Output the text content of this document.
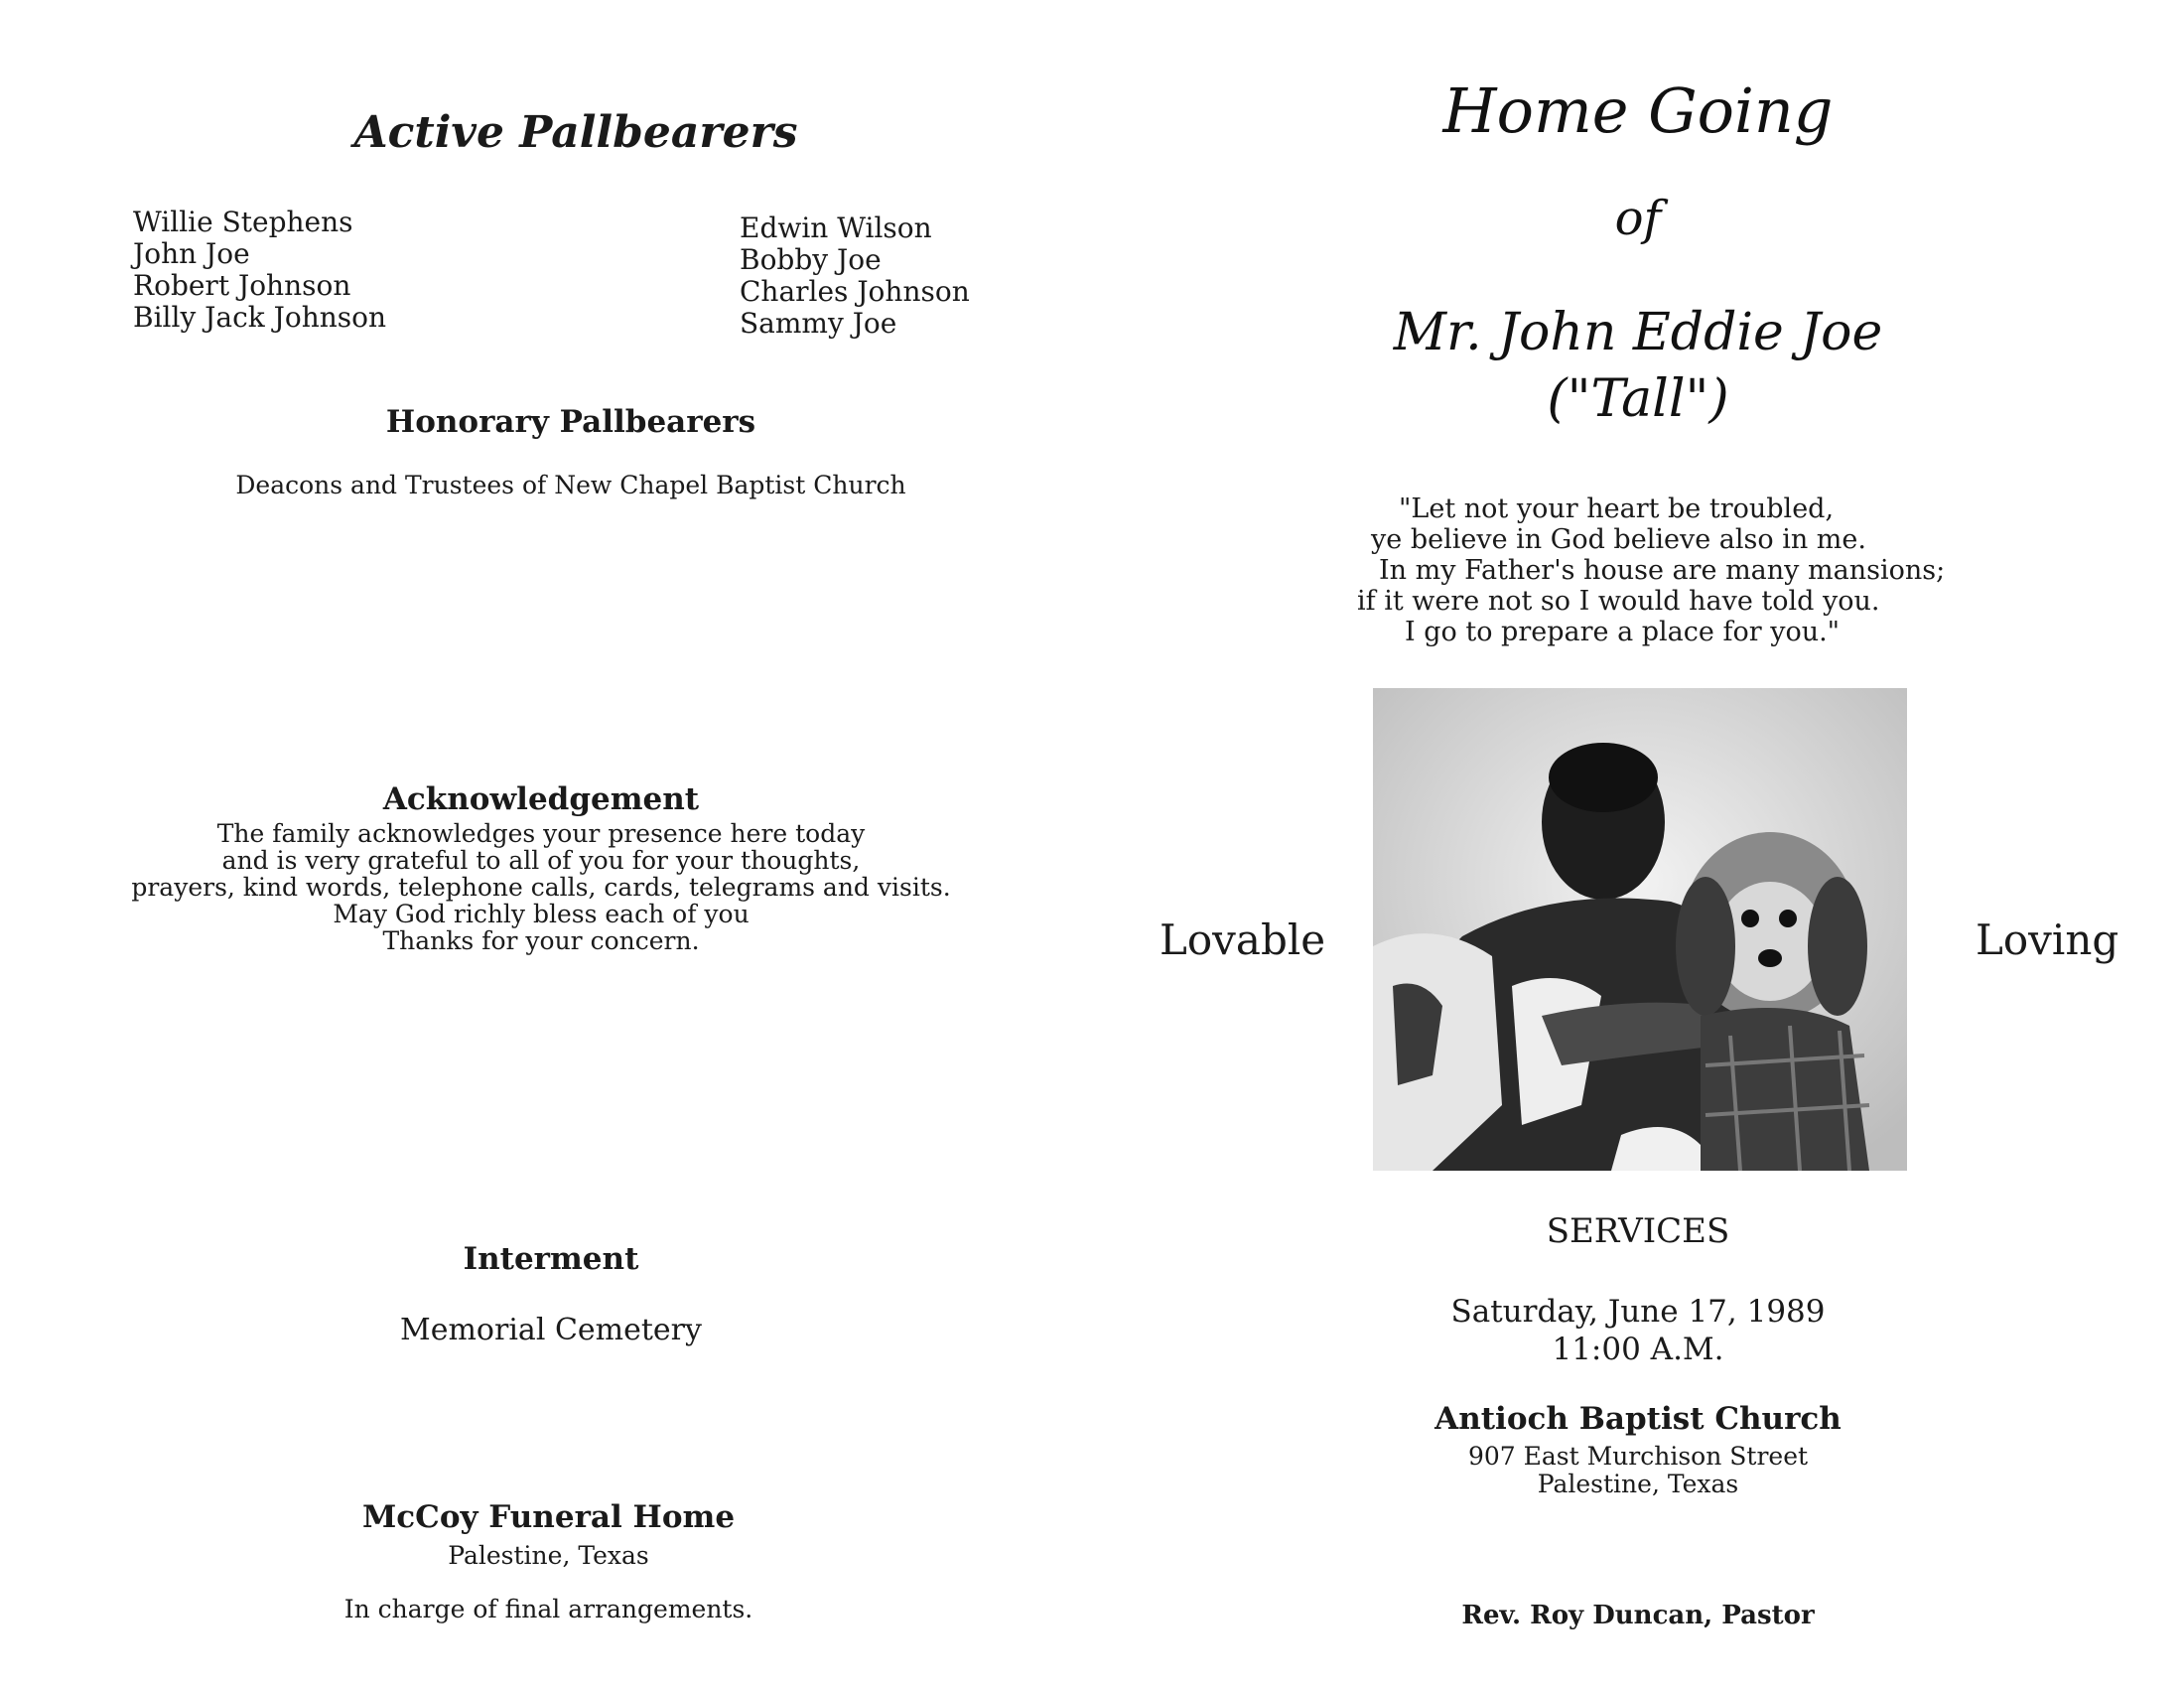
Active Pallbearers
Willie Stephens
John Joe
Robert Johnson
Billy Jack Johnson
Edwin Wilson
Bobby Joe
Charles Johnson
Sammy Joe
Honorary Pallbearers
Deacons and Trustees of New Chapel Baptist Church
Acknowledgement
The family acknowledges your presence here today
and is very grateful to all of you for your thoughts,
prayers, kind words, telephone calls, cards, telegrams and visits.
May God richly bless each of you
Thanks for your concern.
Interment
Memorial Cemetery
McCoy Funeral Home
Palestine, Texas
In charge of final arrangements.
Home Going
of
Mr. John Eddie Joe
("Tall")
"Let not your heart be troubled,
ye believe in God believe also in me.
In my Father's house are many mansions;
if it were not so I would have told you.
I go to prepare a place for you."
Lovable	Loving
SERVICES
Saturday, June 17, 1989
11:00 A.M.
Antioch Baptist Church
907 East Murchison Street
Palestine, Texas
Rev. Roy Duncan, Pastor
